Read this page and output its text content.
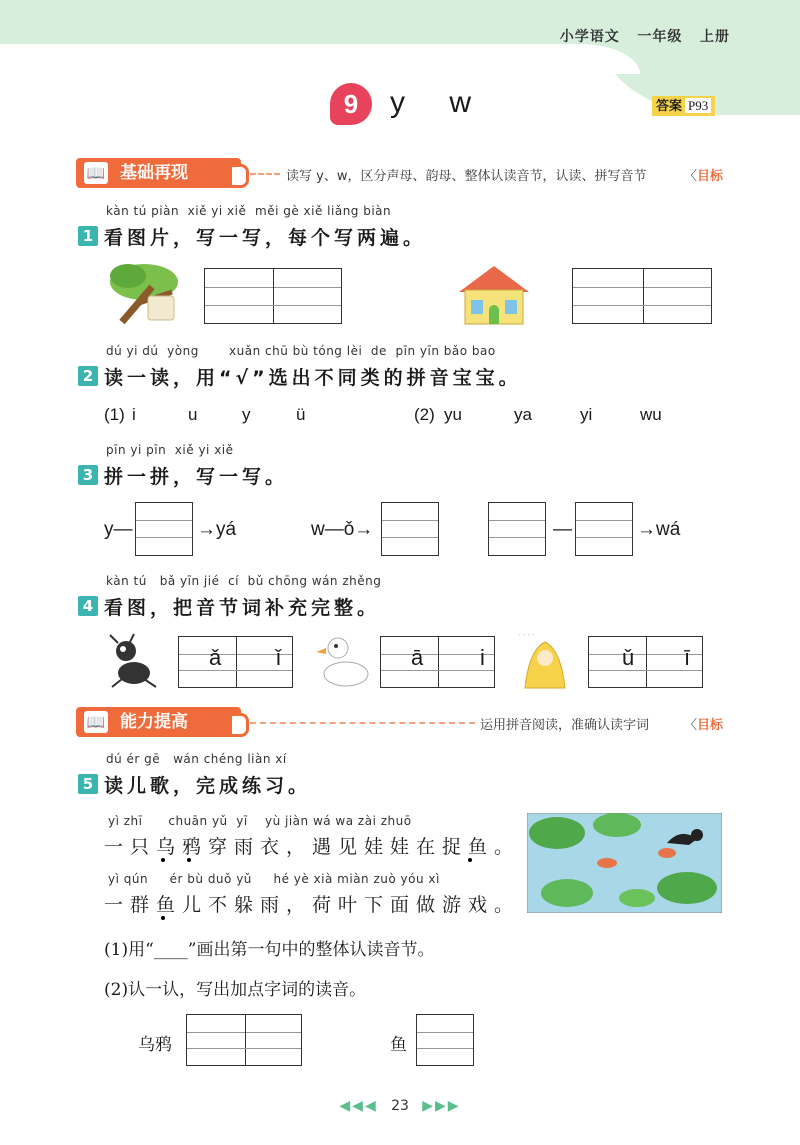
小学语文 一年级 上册
9	y w	答案 P93
📖 基础再现	读写 y、w，区分声母、韵母、整体认读音节，认读、拼写音节	〈目标
kàn tú piàn  xiě yi xiě  měi gè xiě liǎng biàn
1 看图片，写一写，每个写两遍。
dú yi dú  yòng       xuǎn chū bù tóng lèi  de  pīn yīn bǎo bao
2 读一读，用“√”选出不同类的拼音宝宝。
(1) i	u	y	ü	(2) yu	ya	yi	wu
pīn yi pīn  xiě yi xiě
3 拼一拼，写一写。
y—	→yá	w—ǒ→	—	→wá
kàn tú   bǎ yīn jié  cí  bǔ chōng wán zhěng
4 看图，把音节词补充完整。
ǎ ǐ	ā	i
′ ′ ′ ′
ǔ ī
📖 能力提高	运用拼音阅读，准确认读字词	〈目标
dú ér gē   wán chéng liàn xí
5 读儿歌，完成练习。
yì zhī      chuān yǔ  yī    yù jiàn wá wa zài zhuō
一只乌鸦穿雨衣，遇见娃娃在捉鱼。
yì qún     ér bù duǒ yǔ     hé yè xià miàn zuò yóu xì
一群鱼儿不躲雨，荷叶下面做游戏。
(1)用“____”画出第一句中的整体认读音节。
(2)认一认，写出加点字词的读音。
乌鸦	鱼
◀◀◀ 23 ▶▶▶
